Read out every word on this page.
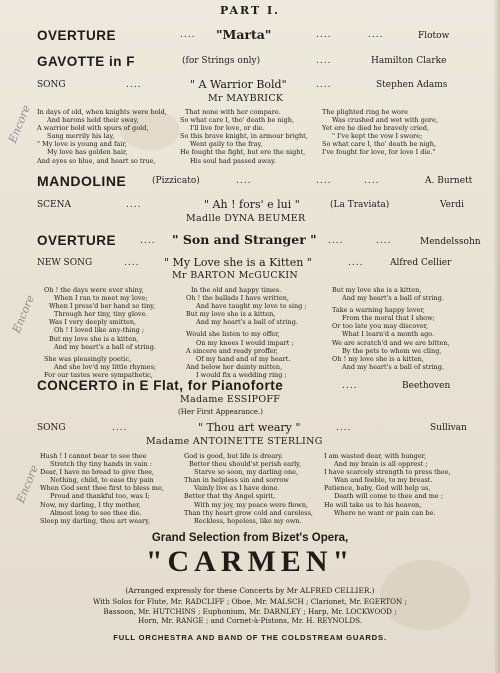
PART I.
OVERTURE	.... "Marta"	....	....	Flotow
GAVOTTE in F	(for Strings only)	....	Hamilton Clarke
SONG	....	" A Warrior Bold"	....	Stephen Adams
Mr MAYBRICK
In days of old, when knights were bold,
And barons held their sway,
A warrior bold with spurs of gold,
Sang merrily his lay,
" My love is young and fair,
My love has golden hair,
And eyes so blue, and heart so true,
That none with her compare.
So what care I, tho' death be nigh,
I'll live for love, or die.
So this brave knight, in armour bright,
Went gaily to the fray,
He fought the fight, but ere the night,
His soul had passed away.
The plighted ring he wore
Was crushed and wet with gore,
Yet ere he died he bravely cried,
" I've kept the vow I swore;
So what care I, tho' death be nigh,
I've fought for love, for love I die."
MANDOLINE	(Pizzicato)	....	....	....	A. Burnett
SCENA	....	" Ah ! fors' e lui "	(La Traviata)	Verdi
Madlle DYNA BEUMER
OVERTURE	.... " Son and Stranger " ....	....	Mendelssohn
NEW SONG	.... " My Love she is a Kitten "	....	Alfred Cellier
Mr BARTON McGUCKIN
Oh ! the days were ever shiny,
When I ran to meet my love;
When I press'd her hand so tiny,
Through her tiny, tiny glove.
Was I very deeply smitten,
Oh ! I loved like any-thing ;
But my love she is a kitten,
And my heart's a ball of string.
She was pleasingly poetic,
And she lov'd my little rhymes;
For our tastes were sympathetic,
In the old and happy times.
Oh ! the ballads I have written,
And have taught my love to sing ;
But my love she is a kitten,
And my heart's a ball of string.
Would she listen to my offer,
On my knees I would impart ;
A sincere and ready proffer,
Of my hand and of my heart.
And below her dainty mitten,
I would fix a wedding ring ;
But my love she is a kitten,
And my heart's a ball of string.
Take a warning happy lover,
From the moral that I show;
Or too late you may discover,
What I learn'd a month ago.
We are scratch'd and we are bitten,
By the pets to whom we cling,
Oh ! my love she is a kitten,
And my heart's a ball of string.
CONCERTO in E Flat, for Pianoforte	....	Beethoven
Madame ESSIPOFF
(Her First Appearance.)
SONG	....	" Thou art weary "	....	Sullivan
Madame ANTOINETTE STERLING
Hush ! I cannot bear to see thee
Stretch thy tiny hands in vain :
Dear, I have no bread to give thee,
Nothing, child, to ease thy pain
When God sent thee first to bless me,
Proud and thankful too, was I;
Now, my darling, I thy mother,
Almost long to see thee die.
Sleep my darling, thou art weary,
God is good, but life is dreary.
Better thou should'st perish early,
Starve so soon, my darling one,
Than in helpless sin and sorrow
Vainly live as I have done.
Better that thy Angel spirit,
With my joy, my peace were flown,
Than thy heart grow cold and careless,
Reckless, hopeless, like my own.
I am wasted dear, with hunger,
And my brain is all opprest ;
I have scarcely strength to press thee,
Wan and feeble, to my breast.
Patience, baby, God will help us,
Death will come to thee and me ;
He will take us to his heaven,
Where no want or pain can be.
Grand Selection from Bizet's Opera,
"CARMEN"
(Arranged expressly for these Concerts by Mr ALFRED CELLIER.)
With Solos for Flute, Mr. RADCLIFF ; Oboe, Mr. MALSCH ; Clarionet, Mr. EGERTON ;
Bassoon, Mr. HUTCHINS ; Euphonium, Mr. DARNLEY ; Harp, Mr. LOCKWOOD ;
Horn, Mr. RANGE ; and Cornet-à-Pistons, Mr. H. REYNOLDS.
FULL ORCHESTRA AND BAND OF THE COLDSTREAM GUARDS.
Encore
Encore
Encore
